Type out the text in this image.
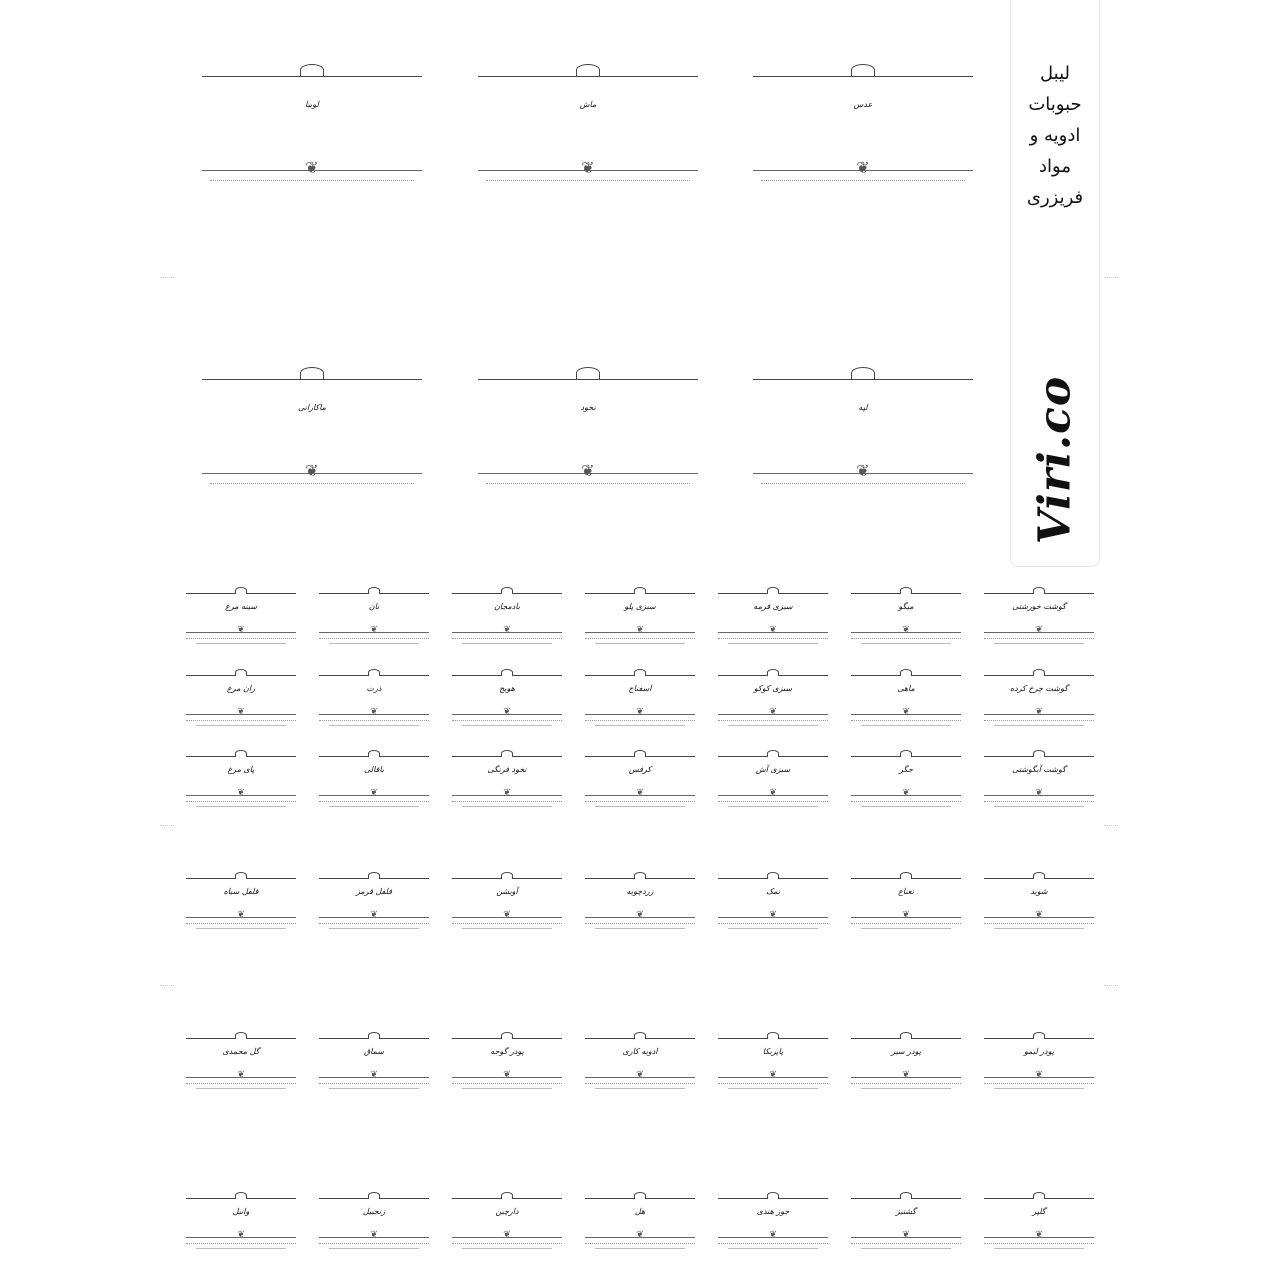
لیبل
حبوبات
ادویه و
مواد
فریزری
Viri.co
لوبیا
❦
ماش
❦
عدس
❦
ماکارانی
❦
نخود
❦
لپه
❦
سینه مرغ
❦
نان
❦
بادمجان
❦
سبزی پلو
❦
سبزی قرمه
❦
میگو
❦
گوشت خورشتی
❦
ران مرغ
❦
ذرت
❦
هویج
❦
اسفناج
❦
سبزی کوکو
❦
ماهی
❦
گوشت چرخ کرده
❦
پای مرغ
❦
باقالی
❦
نخود فرنگی
❦
کرفس
❦
سبزی آش
❦
جگر
❦
گوشت آبگوشتی
❦
فلفل سیاه
❦
فلفل قرمز
❦
آویشن
❦
زردچوبه
❦
نمک
❦
نعناع
❦
شوید
❦
گل محمدی
❦
سماق
❦
پودر گوجه
❦
ادویه کاری
❦
پاپریکا
❦
پودر سیر
❦
پودر لیمو
❦
وانیل
❦
زنجبیل
❦
دارچین
❦
هل
❦
جوز هندی
❦
گشنیز
❦
گلپر
❦
